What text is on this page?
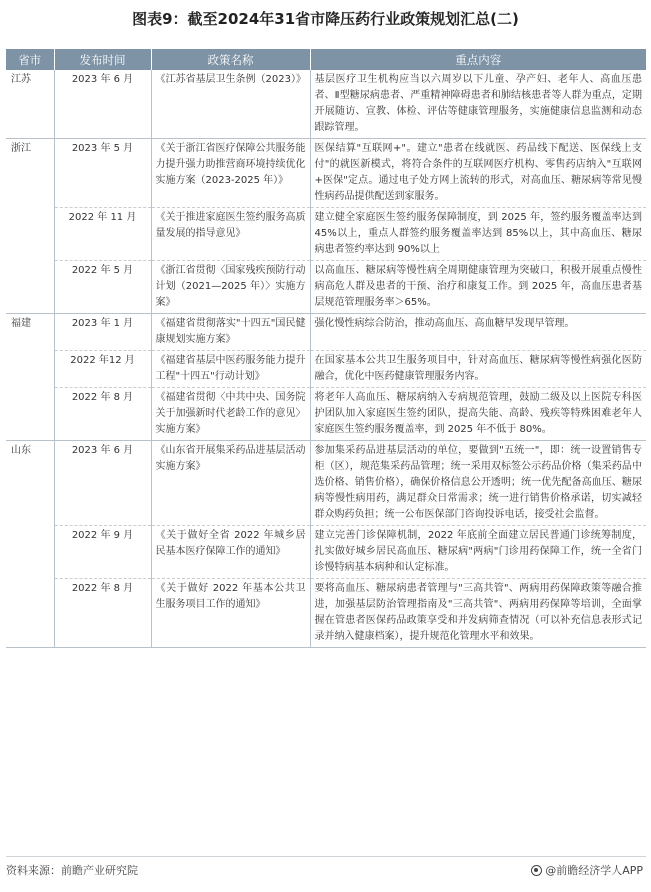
图表9：截至2024年31省市降压药行业政策规划汇总(二)
省市	发布时间	政策名称	重点内容
江苏	2023 年 6 月	《江苏省基层卫生条例（2023）》	基层医疗卫生机构应当以六周岁以下儿童、孕产妇、老年人、高血压患者、Ⅱ型糖尿病患者、严重精神障碍患者和肺结核患者等人群为重点，定期开展随访、宣教、体检、评估等健康管理服务，实施健康信息监测和动态跟踪管理。
浙江	2023 年 5 月	《关于浙江省医疗保障公共服务能力提升强力助推营商环境持续优化实施方案（2023-2025 年）》	医保结算"互联网+"。建立"患者在线就医、药品线下配送、医保线上支付"的就医新模式，将符合条件的互联网医疗机构、零售药店纳入"互联网+医保"定点。通过电子处方网上流转的形式，对高血压、糖尿病等常见慢性病药品提供配送到家服务。
	2022 年 11 月	《关于推进家庭医生签约服务高质量发展的指导意见》	建立健全家庭医生签约服务保障制度，到 2025 年，签约服务覆盖率达到 45%以上，重点人群签约服务覆盖率达到 85%以上，其中高血压、糖尿病患者签约率达到 90%以上
	2022 年 5 月	《浙江省贯彻〈国家残疾预防行动计划（2021—2025 年）〉实施方案》	以高血压、糖尿病等慢性病全周期健康管理为突破口，积极开展重点慢性病高危人群及患者的干预、治疗和康复工作。到 2025 年，高血压患者基层规范管理服务率＞65%。
福建	2023 年 1 月	《福建省贯彻落实"十四五"国民健康规划实施方案》	强化慢性病综合防治，推动高血压、高血糖早发现早管理。
	2022 年12 月	《福建省基层中医药服务能力提升工程"十四五"行动计划》	在国家基本公共卫生服务项目中，针对高血压、糖尿病等慢性病强化医防融合，优化中医药健康管理服务内容。
	2022 年 8 月	《福建省贯彻〈中共中央、国务院关于加强新时代老龄工作的意见〉实施方案》	将老年人高血压、糖尿病纳入专病规范管理，鼓励二级及以上医院专科医护团队加入家庭医生签约团队，提高失能、高龄、残疾等特殊困难老年人家庭医生签约服务覆盖率，到 2025 年不低于 80%。
山东	2023 年 6 月	《山东省开展集采药品进基层活动实施方案》	参加集采药品进基层活动的单位，要做到"五统一"，即：统一设置销售专柜（区），规范集采药品管理；统一采用双标签公示药品价格（集采药品中选价格、销售价格），确保价格信息公开透明；统一优先配备高血压、糖尿病等慢性病用药，满足群众日常需求；统一进行销售价格承诺，切实减轻群众购药负担；统一公布医保部门咨询投诉电话，接受社会监督。
	2022 年 9 月	《关于做好全省 2022 年城乡居民基本医疗保障工作的通知》	建立完善门诊保障机制，2022 年底前全面建立居民普通门诊统筹制度，扎实做好城乡居民高血压、糖尿病"两病"门诊用药保障工作，统一全省门诊慢特病基本病种和认定标准。
	2022 年 8 月	《关于做好 2022 年基本公共卫生服务项目工作的通知》	要将高血压、糖尿病患者管理与"三高共管"、两病用药保障政策等融合推进，加强基层防治管理指南及"三高共管"、两病用药保障等培训，全面掌握在管患者医保药品政策享受和并发病筛查情况（可以补充信息表形式记录并纳入健康档案），提升规范化管理水平和效果。
资料来源：前瞻产业研究院	@前瞻经济学人APP
